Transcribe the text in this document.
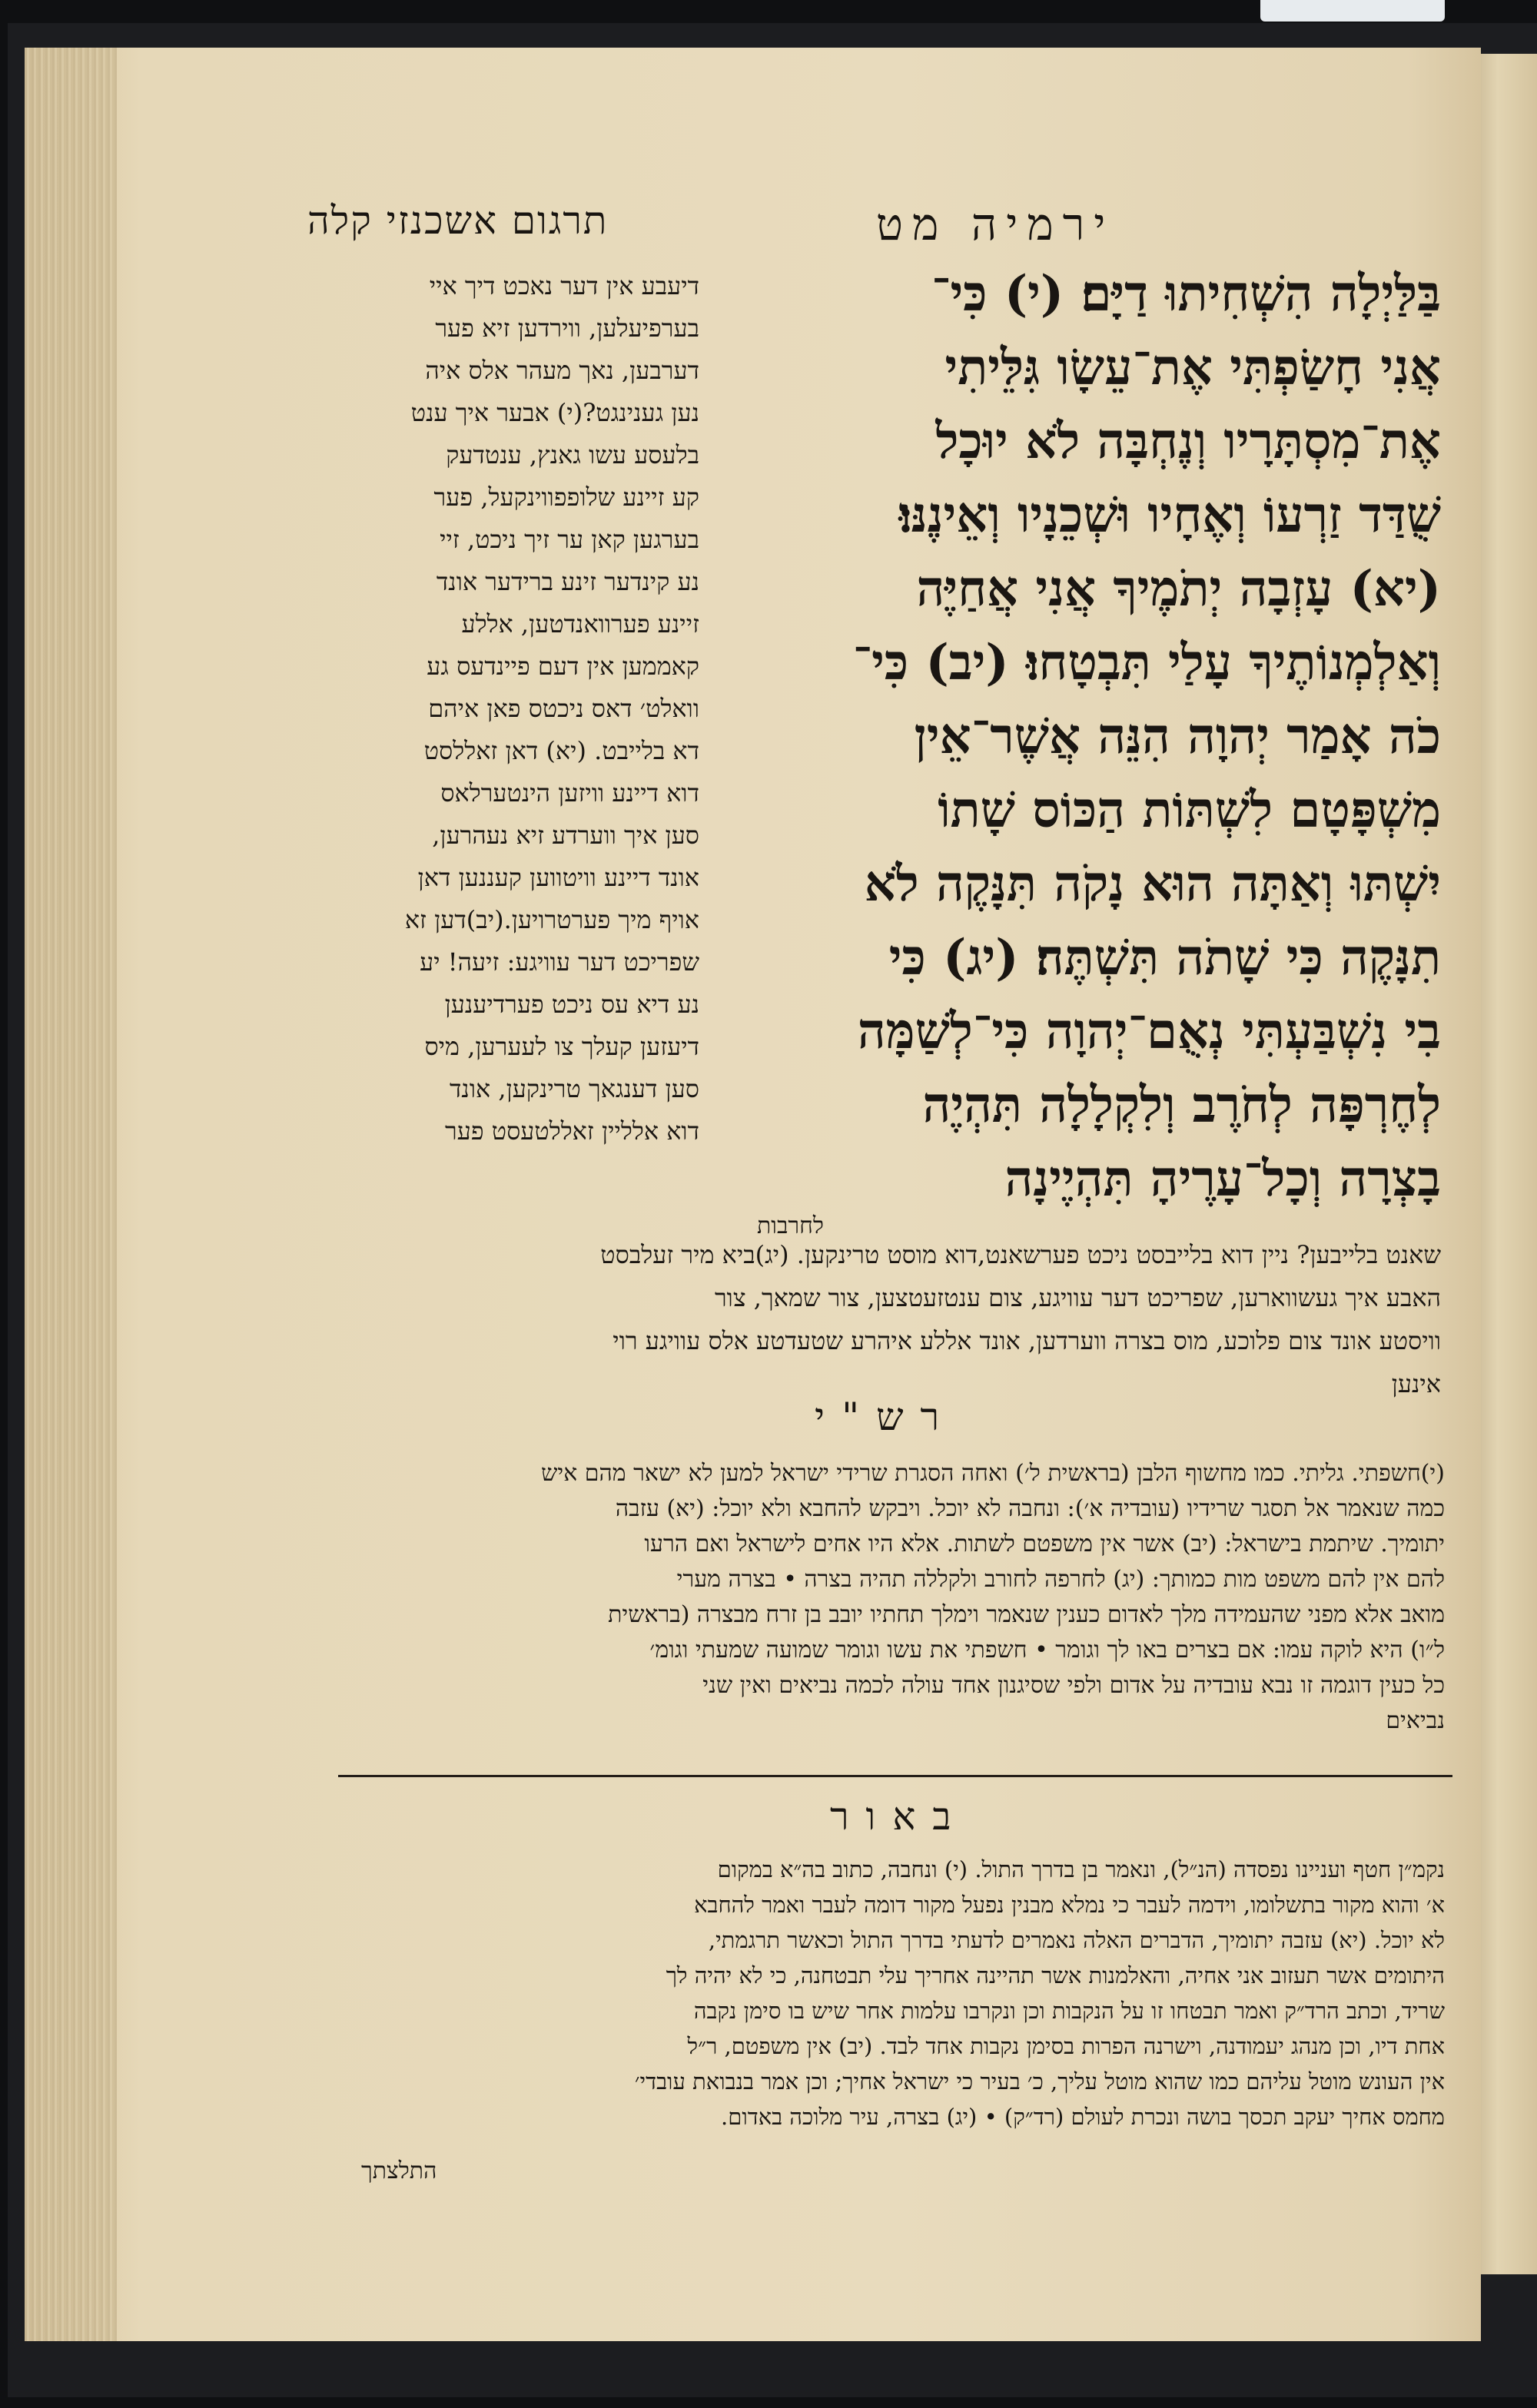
תרגום אשכנזי קלה	ירמיה מט
דיעבע אין דער נאכט דיך איי
בערפיעלען, ווירדען זיא פער
דערבען, נאך מעהר אלס איה
נען גענינגט?(י) אבער איך ענט
בלעסע עשו גאנץ, ענטדעק
קע זיינע שלופפווינקעל, פער
בערגען קאן ער זיך ניכט, זיי
נע קינדער זינע ברידער אונד
זיינע פערוואנדטען, אללע
קאממען אין דעם פיינדעס גע
וואלט׳ דאס ניכטס פאן איהם
דא בלייבט. (יא) דאן זאללסט
דוא דיינע וויזען הינטערלאס
סען איך ווערדע זיא נעהרען,
אונד דיינע וויטווען קעננען דאן
אויף מיך פערטרויען.(יב)דען זא
שפריכט דער עוויגע: זיעה! יע
נע דיא עס ניכט פערדיענען
דיעזען קעלך צו לעערען, מיס
סען דענגאך טרינקען, אונד
דוא אלליין זאללטעסט פער
בַּלַּיְלָה הִשְׁחִיתוּ דַיָּם׃ (י) כִּי־
אֲנִי חָשַׂפְתִּי אֶת־עֵשָׂו גִּלֵּיתִי
אֶת־מִסְתָּרָיו וְנֶחְבָּה לֹא יוּכָל
שֻׁדַּד זַרְעוֹ וְאֶחָיו וּשְׁכֵנָיו וְאֵינֶנּוּ׃
(יא) עָזְבָה יְתֹמֶיךָ אֲנִי אֲחַיֶּה
וְאַלְמְנוֹתֶיךָ עָלַי תִּבְטָחוּ׃ (יב) כִּי־
כֹה אָמַר יְהוָה הִנֵּה אֲשֶׁר־אֵין
מִשְׁפָּטָם לִשְׁתּוֹת הַכּוֹס שָׁתוֹ
יִשְׁתּוּ וְאַתָּה הוּא נָקֹה תִּנָּקֶה לֹא
תִנָּקֶה כִּי שָׁתֹה תִּשְׁתֶּה׃ (יג) כִּי
בִי נִשְׁבַּעְתִּי נְאֻם־יְהוָה כִּי־לְשַׁמָּה
לְחֶרְפָּה לְחֹרֶב וְלִקְלָלָה תִּהְיֶה
בָצְרָה וְכָל־עָרֶיהָ תִּהְיֶינָה
לחרבות
שאנט בלייבען? ניין דוא בלייבסט ניכט פערשאנט,דוא מוסט טרינקען. (יג)ביא מיר זעלבסט
האבע איך געשווארען, שפריכט דער עוויגע, צום ענטזעטצען, צור שמאך, צור
וויסטע אונד צום פלוכע, מוס בצרה ווערדען, אונד אללע איהרע שטעדטע אלס עוויגע רוי
אינען
רש"י
(י)חשפתי. גליתי. כמו מחשוף הלבן (בראשית ל׳) ואחה הסגרת שרידי ישראל למען לא ישאר מהם איש
כמה שנאמר אל תסגר שרידיו (עובדיה א׳): ונחבה לא יוכל. ויבקש להחבא ולא יוכל: (יא) עזבה
יתומיך. שיתמת בישראל: (יב) אשר אין משפטם לשתות. אלא היו אחים לישראל ואם הרעו
להם אין להם משפט מות כמותך: (יג) לחרפה לחורב ולקללה תהיה בצרה • בצרה מערי
מואב אלא מפני שהעמידה מלך לאדום כענין שנאמר וימלך תחתיו יובב בן זרח מבצרה (בראשית
ל״ו) היא לוקה עמו: אם בצרים באו לך וגומר • חשפתי את עשו וגומר שמועה שמעתי וגומ׳
כל כעין דוגמה זו נבא עובדיה על אדום ולפי שסיגנון אחד עולה לכמה נביאים ואין שני
נביאים
באור
נקמ״ן חטף ועניינו נפסדה (הנ״ל), ונאמר בן בדרך התול. (י) ונחבה, כתוב בה״א במקום
א׳ והוא מקור בתשלומו, וידמה לעבר כי נמלא מבנין נפעל מקור דומה לעבר ואמר להחבא
לא יוכל. (יא) עזבה יתומיך, הדברים האלה נאמרים לדעתי בדרך התול וכאשר תרגמתי,
היתומים אשר תעזוב אני אחיה, והאלמנות אשר תהיינה אחריך עלי תבטחנה, כי לא יהיה לך
שריד, וכתב הרד״ק ואמר תבטחו זו על הנקבות וכן ונקרבו עלמות אחר שיש בו סימן נקבה
אחת דיו, וכן מנהג יעמודנה, וישרנה הפרות בסימן נקבות אחד לבד. (יב) אין משפטם, ר״ל
אין העונש מוטל עליהם כמו שהוא מוטל עליך, כ׳ בעיר כי ישראל אחיך; וכן אמר בנבואת עובדי׳
מחמס אחיך יעקב תכסך בושה ונכרת לעולם (רד״ק) • (יג) בצרה, עיר מלוכה באדום.
התלצתך
